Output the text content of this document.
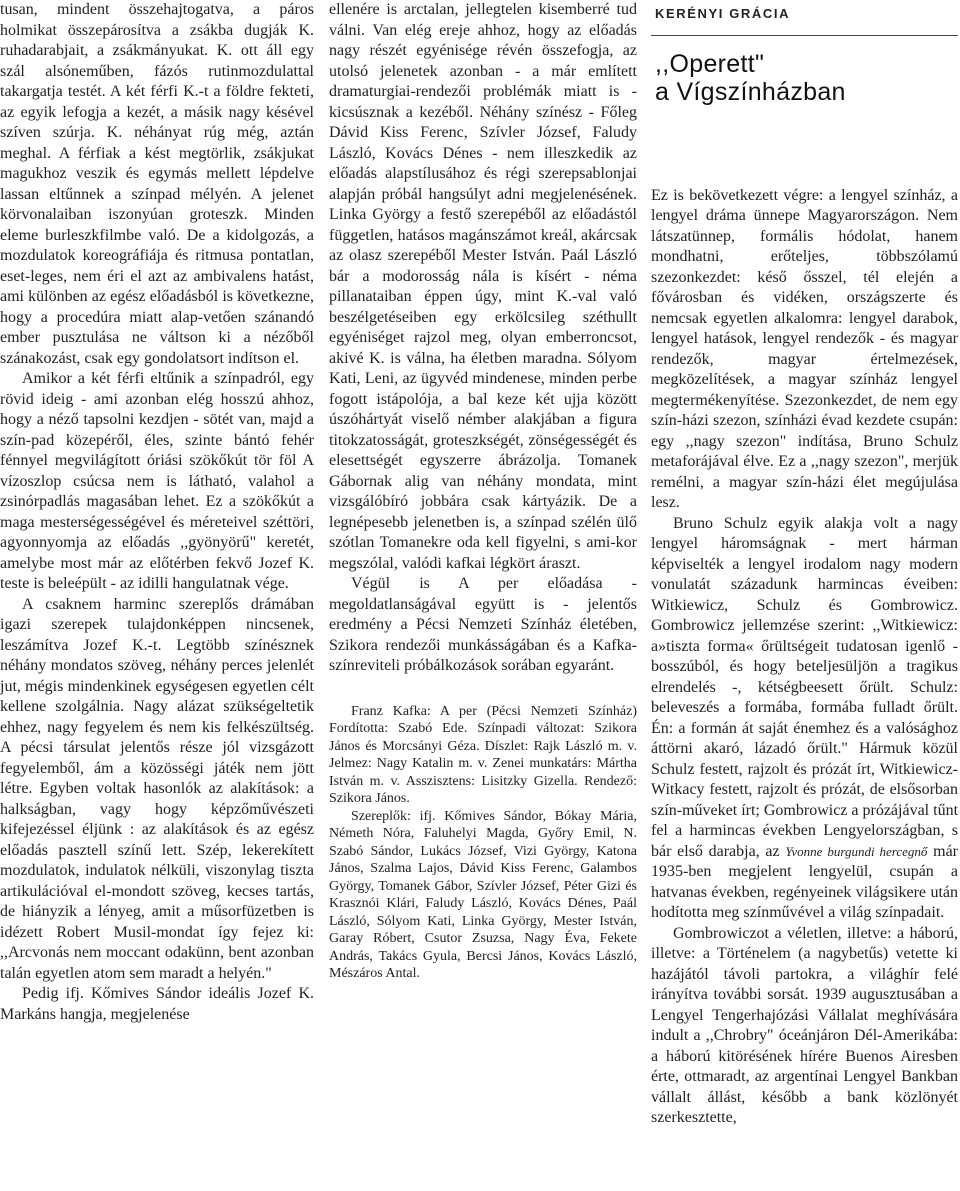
tusan, mindent összehajtogatva, a páros holmikat összepárosítva a zsákba dugják K. ruhadarabjait, a zsákmányukat. K. ott áll egy szál alsóneműben, fázós rutinmozdulattal takargatja testét. A két férfi K.-t a földre fekteti, az egyik lefogja a kezét, a másik nagy késével szíven szúrja. K. néhányat rúg még, aztán meghal. A férfiak a kést megtörlik, zsákjukat magukhoz veszik és egymás mellett lépdelve lassan eltűnnek a színpad mélyén. A jelenet körvonalaiban iszonyúan groteszk. Minden eleme burleszkfilmbe való. De a kidolgozás, a mozdulatok koreográfiája és ritmusa pontatlan, eset-leges, nem éri el azt az ambivalens hatást, ami különben az egész előadásból is következne, hogy a procedúra miatt alap-vetően szánandó ember pusztulása ne váltson ki a nézőből szánakozást, csak egy gondolatsort indítson el.

Amikor a két férfi eltűnik a színpadról, egy rövid ideig - ami azonban elég hosszú ahhoz, hogy a néző tapsolni kezdjen - sötét van, majd a szín-pad közepéről, éles, szinte bántó fehér fénnyel megvilágított óriási szökőkút tör föl A vízoszlop csúcsa nem is látható, valahol a zsinórpadlás magasában lehet. Ez a szökőkút a maga mesterségességével és méreteivel széttöri, agyonnyomja az előadás ,,gyönyörű" keretét, amelybe most már az előtérben fekvő Jozef K. teste is beleépült - az idilli hangulatnak vége.

A csaknem harminc szereplős drámában igazi szerepek tulajdonképpen nincsenek, leszámítva Jozef K.-t. Legtöbb színésznek néhány mondatos szöveg, néhány perces jelenlét jut, mégis mindenkinek egységesen egyetlen célt kellene szolgálnia. Nagy alázat szükségeltetik ehhez, nagy fegyelem és nem kis felkészültség. A pécsi társulat jelentős része jól vizsgázott fegyelemből, ám a közösségi játék nem jött létre. Egyben voltak hasonlók az alakítások: a halkságban, vagy hogy képzőművészeti kifejezéssel éljünk : az alakítások és az egész előadás pasztell színű lett. Szép, lekerekített mozdulatok, indulatok nélküli, viszonylag tiszta artikulációval el-mondott szöveg, kecses tartás, de hiányzik a lényeg, amit a műsorfüzetben is idézett Robert Musil-mondat így fejez ki: ,,Arcvonás nem moccant odakünn, bent azonban talán egyetlen atom sem maradt a helyén."

Pedig ifj. Kőmives Sándor ideális Jozef K. Markáns hangja, megjelenése

ellenére is arctalan, jellegtelen kisemberré tud válni. Van elég ereje ahhoz, hogy az előadás nagy részét egyénisége révén összefogja, az utolsó jelenetek azonban - a már említett dramaturgiai-rendezői problémák miatt is - kicsúsznak a kezéből. Néhány színész - Főleg Dávid Kiss Ferenc, Szívler József, Faludy László, Kovács Dénes - nem illeszkedik az előadás alapstílusához és régi szerepsablonjai alapján próbál hangsúlyt adni megjelenésének. Linka György a festő szerepéből az előadástól független, hatásos magánszámot kreál, akárcsak az olasz szerepéből Mester István. Paál László bár a modorosság nála is kísért - néma pillanataiban éppen úgy, mint K.-val való beszélgetéseiben egy erkölcsileg széthullt egyéniséget rajzol meg, olyan emberroncsot, akivé K. is válna, ha életben maradna. Sólyom Kati, Leni, az ügyvéd mindenese, minden perbe fogott istápolója, a bal keze két ujja között úszóhártyát viselő némber alakjában a figura titokzatosságát, groteszkségét, zönségességét és elesettségét egyszerre ábrázolja. Tomanek Gábornak alig van néhány mondata, mint vizsgálóbíró jobbára csak kártyázik. De a legnépesebb jelenetben is, a színpad szélén ülő szótlan Tomanekre oda kell figyelni, s ami-kor megszólal, valódi kafkai légkört áraszt.

Végül is A per előadása - megoldatlanságával együtt is - jelentős eredmény a Pécsi Nemzeti Színház életében, Szikora rendezői munkásságában és a Kafka-színreviteli próbálkozások sorában egyaránt.

Franz Kafka: A per (Pécsi Nemzeti Színház) Fordította: Szabó Ede. Színpadi változat: Szikora János és Morcsányi Géza. Díszlet: Rajk László m. v. Jelmez: Nagy Katalin m. v. Zenei munkatárs: Mártha István m. v. Asszisztens: Lisitzky Gizella. Rendező: Szikora János.

Szereplők: ifj. Kőmives Sándor, Bókay Mária, Németh Nóra, Faluhelyi Magda, Győry Emil, N. Szabó Sándor, Lukács József, Vizi György, Katona János, Szalma Lajos, Dávid Kiss Ferenc, Galambos György, Tomanek Gábor, Szívler József, Péter Gizi és Krasznói Klári, Faludy László, Kovács Dénes, Paál László, Sólyom Kati, Linka György, Mester István, Garay Róbert, Csutor Zsuzsa, Nagy Éva, Fekete András, Takács Gyula, Bercsi János, Kovács László, Mészáros Antal.

KERÉNYI GRÁCIA
,,Operett"
a Vígszínházban

Ez is bekövetkezett végre: a lengyel színház, a lengyel dráma ünnepe Magyarországon. Nem látszatünnep, formális hódolat, hanem mondhatni, erőteljes, többszólamú szezonkezdet: késő ősszel, tél elején a fővárosban és vidéken, országszerte és nemcsak egyetlen alkalomra: lengyel darabok, lengyel hatások, lengyel rendezők - és magyar rendezők, magyar értelmezések, megközelítések, a magyar színház lengyel megtermékenyítése. Szezonkezdet, de nem egy szín-házi szezon, színházi évad kezdete csupán: egy ,,nagy szezon" indítása, Bruno Schulz metaforájával élve. Ez a ,,nagy szezon", merjük remélni, a magyar szín-házi élet megújulása lesz.

Bruno Schulz egyik alakja volt a nagy lengyel háromságnak - mert hárman képviselték a lengyel irodalom nagy modern vonulatát századunk harmincas éveiben: Witkiewicz, Schulz és Gombrowicz. Gombrowicz jellemzése szerint: ,,Witkiewicz: a»tiszta forma« őrültségeit tudatosan igenlő - bosszúból, és hogy beteljesüljön a tragikus elrendelés -, kétségbeesett őrült. Schulz: beleveszés a formába, formába fulladt őrült. Én: a formán át saját énemhez és a valósághoz áttörni akaró, lázadó őrült." Hármuk közül Schulz festett, rajzolt és prózát írt, Witkiewicz-Witkacy festett, rajzolt és prózát, de elsősorban szín-műveket írt; Gombrowicz a prózájával tűnt fel a harmincas években Lengyelországban, s bár első darabja, az Yvonne burgundi hercegnő már 1935-ben megjelent lengyelül, csupán a hatvanas években, regényeinek világsikere után hodította meg színművével a világ színpadait.

Gombrowiczot a véletlen, illetve: a háború, illetve: a Történelem (a nagybetűs) vetette ki hazájától távoli partokra, a világhír felé irányítva további sorsát. 1939 augusztusában a Lengyel Tengerhajózási Vállalat meghívására indult a ,,Chrobry" óceánjáron Dél-Amerikába: a háború kitörésének hírére Buenos Airesben érte, ottmaradt, az argentínai Lengyel Bankban vállalt állást, később a bank közlönyét szerkesztette,
